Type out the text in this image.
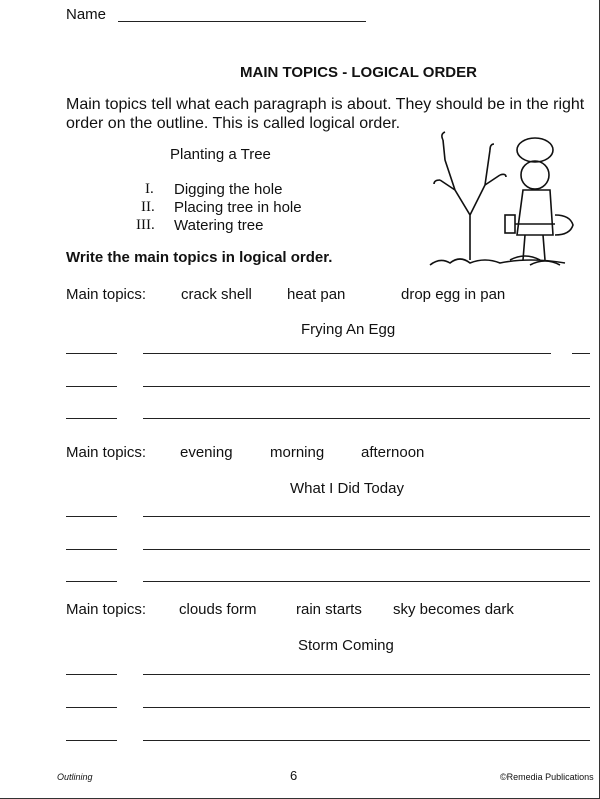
Name
MAIN TOPICS - LOGICAL ORDER
Main topics tell what each paragraph is about. They should be in the right
order on the outline. This is called logical order.
Planting a Tree
I. Digging the hole
II. Placing tree in hole
III. Watering tree
Write the main topics in logical order.
Main topics: crack shell heat pan	drop egg in pan
Frying An Egg
Main topics: evening morning afternoon
What I Did Today
Main topics: clouds form	rain starts sky becomes dark
Storm Coming
Outlining	6	©Remedia Publications
